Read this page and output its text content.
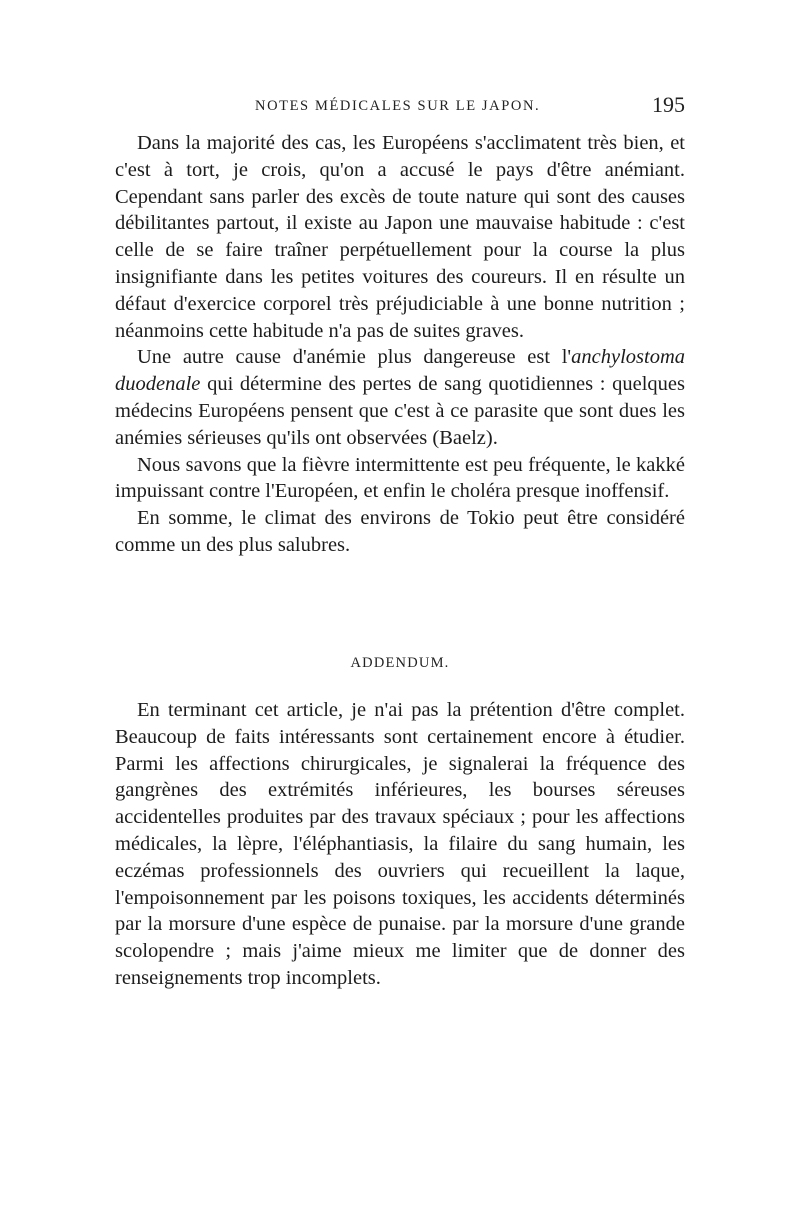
NOTES MÉDICALES SUR LE JAPON.	195

Dans la majorité des cas, les Européens s'acclimatent très bien, et c'est à tort, je crois, qu'on a accusé le pays d'être anémiant. Cependant sans parler des excès de toute nature qui sont des causes débilitantes partout, il existe au Japon une mauvaise habitude : c'est celle de se faire traîner perpétuellement pour la course la plus insignifiante dans les petites voitures des coureurs. Il en résulte un défaut d'exercice corporel très préjudiciable à une bonne nutrition ; néanmoins cette habitude n'a pas de suites graves.

Une autre cause d'anémie plus dangereuse est l'anchylostoma duodenale qui détermine des pertes de sang quotidiennes : quelques médecins Européens pensent que c'est à ce parasite que sont dues les anémies sérieuses qu'ils ont observées (Baelz).

Nous savons que la fièvre intermittente est peu fréquente, le kakké impuissant contre l'Européen, et enfin le choléra presque inoffensif.

En somme, le climat des environs de Tokio peut être considéré comme un des plus salubres.

ADDENDUM.

En terminant cet article, je n'ai pas la prétention d'être complet. Beaucoup de faits intéressants sont certainement encore à étudier. Parmi les affections chirurgicales, je signalerai la fréquence des gangrènes des extrémités inférieures, les bourses séreuses accidentelles produites par des travaux spéciaux ; pour les affections médicales, la lèpre, l'éléphantiasis, la filaire du sang humain, les eczémas professionnels des ouvriers qui recueillent la laque, l'empoisonnement par les poisons toxiques, les accidents déterminés par la morsure d'une espèce de punaise. par la morsure d'une grande scolopendre ; mais j'aime mieux me limiter que de donner des renseignements trop incomplets.
